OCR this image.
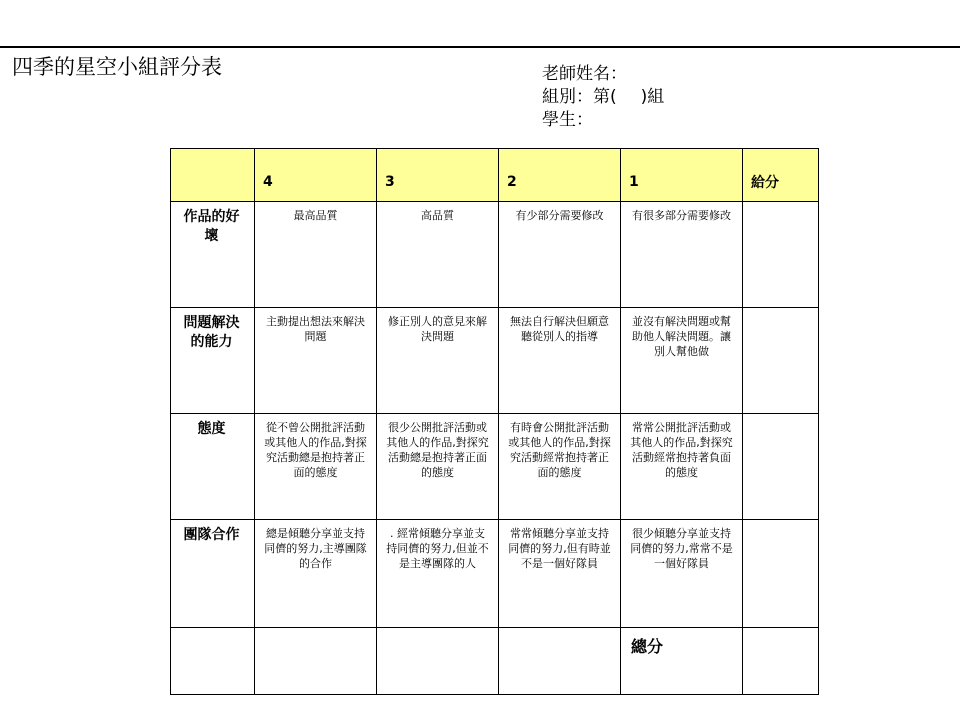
四季的星空小組評分表	老師姓名：
組別：第( )組
學生：
	4	3	2	1	給分
作品的好壞	最高品質	高品質	有少部分需要修改	有很多部分需要修改	
問題解決的能力	主動提出想法來解決問題	修正別人的意見來解決問題	無法自行解決但願意聽從別人的指導	並沒有解決問題或幫助他人解決問題。讓別人幫他做	
態度	從不曾公開批評活動或其他人的作品,對探究活動總是抱持著正面的態度	很少公開批評活動或其他人的作品,對探究活動總是抱持著正面的態度	有時會公開批評活動或其他人的作品,對探究活動經常抱持著正面的態度	常常公開批評活動或其他人的作品,對探究活動經常抱持著負面的態度	
團隊合作	總是傾聽分享並支持同儕的努力,主導團隊的合作	. 經常傾聽分享並支持同儕的努力,但並不是主導團隊的人	常常傾聽分享並支持同儕的努力,但有時並不是一個好隊員	很少傾聽分享並支持同儕的努力,常常不是一個好隊員	
				總分	
